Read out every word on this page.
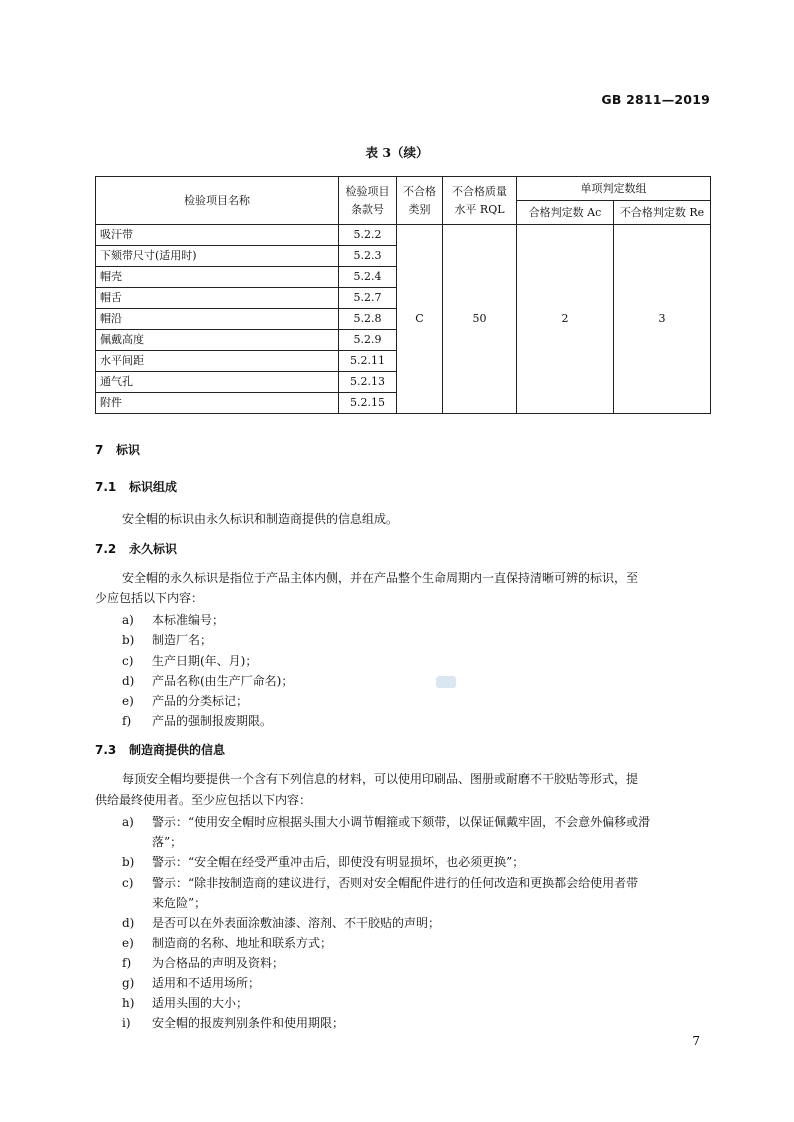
GB 2811—2019
表 3（续）
检验项目名称	检验项目条款号	不合格类别	不合格质量水平 RQL	单项判定数组	
				合格判定数 Ac	不合格判定数 Re
吸汗带	5.2.2	C	50	2	3
下颏带尺寸(适用时)	5.2.3				
帽壳	5.2.4				
帽舌	5.2.7				
帽沿	5.2.8				
佩戴高度	5.2.9				
水平间距	5.2.11				
通气孔	5.2.13				
附件	5.2.15				
7 标识
7.1 标识组成
安全帽的标识由永久标识和制造商提供的信息组成。
7.2 永久标识
安全帽的永久标识是指位于产品主体内侧，并在产品整个生命周期内一直保持清晰可辨的标识，至
少应包括以下内容：
a) 本标准编号；
b) 制造厂名；
c) 生产日期(年、月)；
d) 产品名称(由生产厂命名)；
e) 产品的分类标记；
f) 产品的强制报废期限。
7.3 制造商提供的信息
每顶安全帽均要提供一个含有下列信息的材料，可以使用印刷品、图册或耐磨不干胶贴等形式，提
供给最终使用者。至少应包括以下内容：
a) 警示：“使用安全帽时应根据头围大小调节帽箍或下颏带，以保证佩戴牢固，不会意外偏移或滑
落”；
b) 警示：“安全帽在经受严重冲击后，即使没有明显损坏，也必须更换”；
c) 警示：“除非按制造商的建议进行，否则对安全帽配件进行的任何改造和更换都会给使用者带
来危险”；
d) 是否可以在外表面涂敷油漆、溶剂、不干胶贴的声明；
e) 制造商的名称、地址和联系方式；
f) 为合格品的声明及资料；
g) 适用和不适用场所；
h) 适用头围的大小；
i) 安全帽的报废判别条件和使用期限；
7
